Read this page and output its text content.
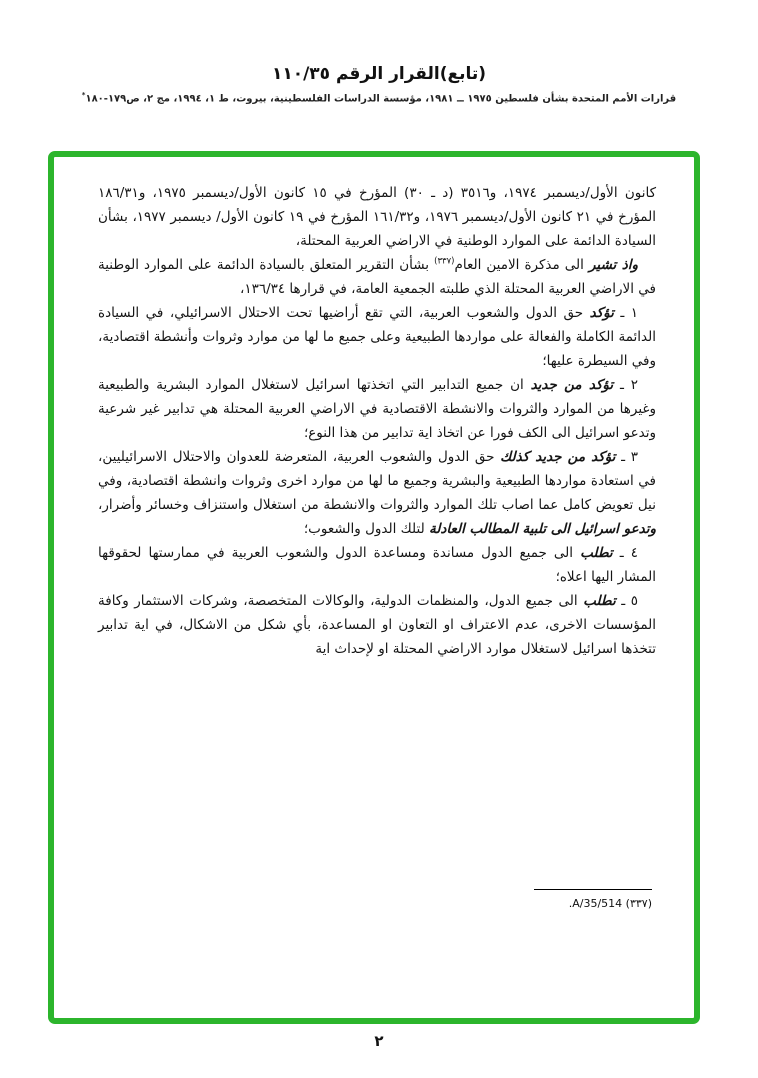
(تابع)القرار الرقم ١١٠/٣٥
قرارات الأمم المتحدة بشأن فلسطين ١٩٧٥ ــ ١٩٨١، مؤسسة الدراسات الفلسطينية، بيروت، ط ١، ١٩٩٤، مج ٢، ص١٧٩-١٨٠*

كانون الأول/ديسمبر ١٩٧٤، و٣٥١٦ (د ـ ٣٠) المؤرخ في ١٥ كانون الأول/ديسمبر ١٩٧٥، و١٨٦/٣١ المؤرخ في ٢١ كانون الأول/ديسمبر ١٩٧٦، و١٦١/٣٢ المؤرخ في ١٩ كانون الأول/ ديسمبر ١٩٧٧، بشأن السيادة الدائمة على الموارد الوطنية في الاراضي العربية المحتلة،

واذ تشير الى مذكرة الامين العام$^{(٣٣٧)}$ بشأن التقرير المتعلق بالسيادة الدائمة على الموارد الوطنية في الاراضي العربية المحتلة الذي طلبته الجمعية العامة، في قرارها ١٣٦/٣٤،

١ ـ تؤكد حق الدول والشعوب العربية، التي تقع أراضيها تحت الاحتلال الاسرائيلي، في السيادة الدائمة الكاملة والفعالة على مواردها الطبيعية وعلى جميع ما لها من موارد وثروات وأنشطة اقتصادية، وفي السيطرة عليها؛

٢ ـ تؤكد من جديد ان جميع التدابير التي اتخذتها اسرائيل لاستغلال الموارد البشرية والطبيعية وغيرها من الموارد والثروات والانشطة الاقتصادية في الاراضي العربية المحتلة هي تدابير غير شرعية وتدعو اسرائيل الى الكف فورا عن اتخاذ اية تدابير من هذا النوع؛

٣ ـ تؤكد من جديد كذلك حق الدول والشعوب العربية، المتعرضة للعدوان والاحتلال الاسرائيليين، في استعادة مواردها الطبيعية والبشرية وجميع ما لها من موارد اخرى وثروات وانشطة اقتصادية، وفي نيل تعويض كامل عما اصاب تلك الموارد والثروات والانشطة من استغلال واستنزاف وخسائر وأضرار، وتدعو اسرائيل الى تلبية المطالب العادلة لتلك الدول والشعوب؛

٤ ـ تطلب الى جميع الدول مساندة ومساعدة الدول والشعوب العربية في ممارستها لحقوقها المشار اليها اعلاه؛

٥ ـ تطلب الى جميع الدول، والمنظمات الدولية، والوكالات المتخصصة، وشركات الاستثمار وكافة المؤسسات الاخرى، عدم الاعتراف او التعاون او المساعدة، بأي شكل من الاشكال، في اية تدابير تتخذها اسرائيل لاستغلال موارد الاراضي المحتلة او لإحداث اية

(٣٣٧) A/35/514.
٢
